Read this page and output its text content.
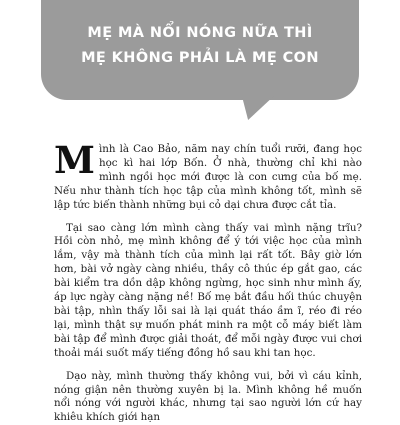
MẸ MÀ NỔI NÓNG NỮA THÌ
MẸ KHÔNG PHẢI LÀ MẸ CON

Mình là Cao Bảo, năm nay chín tuổi rưỡi, đang học học kì hai lớp Bốn. Ở nhà, thường chỉ khi nào mình ngồi học mới được là con cưng của bố mẹ. Nếu như thành tích học tập của mình không tốt, mình sẽ lập tức biến thành những bụi cỏ dại chưa được cắt tỉa.

Tại sao càng lớn mình càng thấy vai mình nặng trĩu? Hồi còn nhỏ, mẹ mình không để ý tới việc học của mình lắm, vậy mà thành tích của mình lại rất tốt. Bây giờ lớn hơn, bài vở ngày càng nhiều, thầy cô thúc ép gắt gao, các bài kiểm tra dồn dập không ngừng, học sinh như mình ấy, áp lực ngày càng nặng nề! Bố mẹ bắt đầu hối thúc chuyện bài tập, nhìn thấy lỗi sai là lại quát tháo ầm ĩ, réo đi réo lại, mình thật sự muốn phát minh ra một cỗ máy biết làm bài tập để mình được giải thoát, để mỗi ngày được vui chơi thoải mái suốt mấy tiếng đồng hồ sau khi tan học.

Dạo này, mình thường thấy không vui, bởi vì cáu kỉnh, nóng giận nên thường xuyên bị la. Mình không hề muốn nổi nóng với người khác, nhưng tại sao người lớn cứ hay khiêu khích giới hạn
